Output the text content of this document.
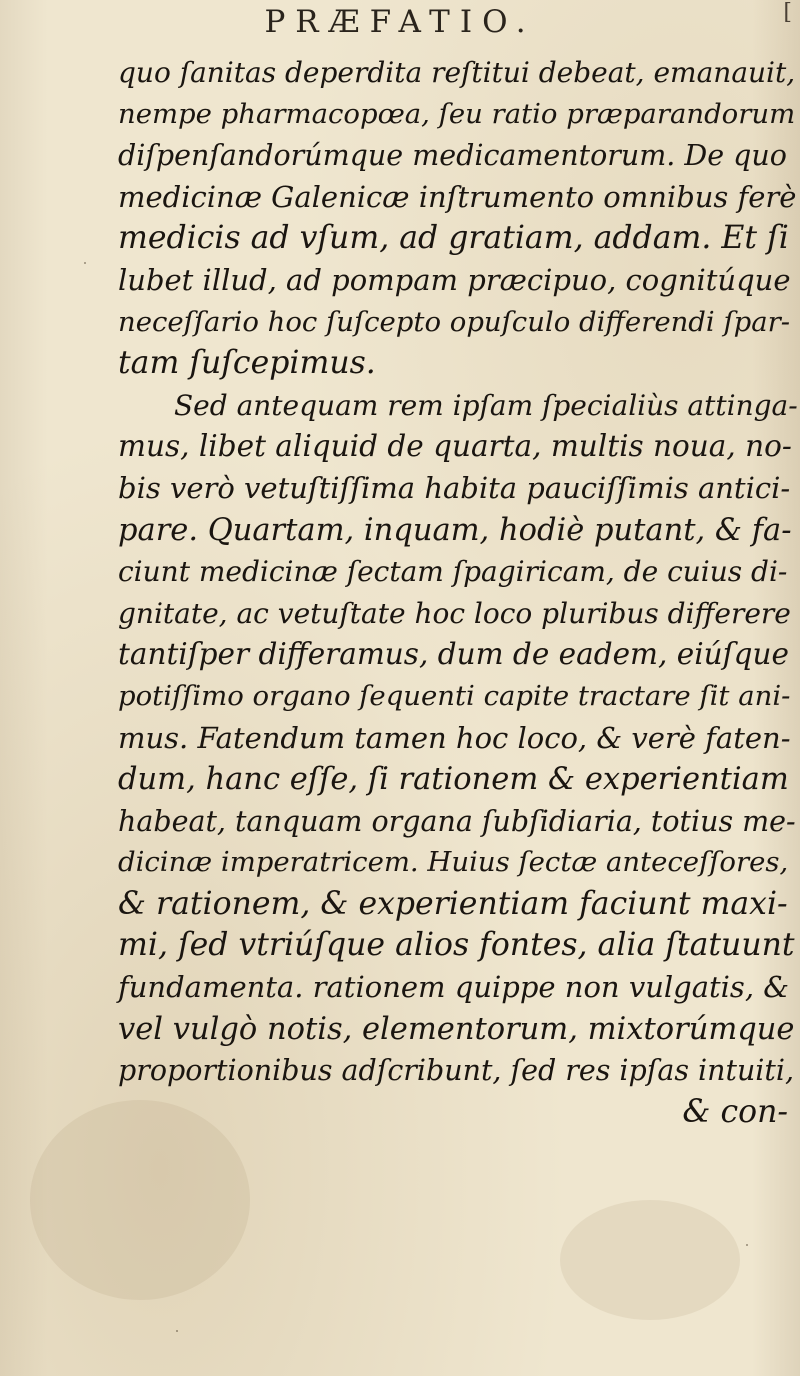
PRÆFATIO.	[
quo ſanitas deperdita reſtitui debeat, emanauit,
nempe pharmacopœa, ſeu ratio præparandorum
diſpenſandorúmque medicamentorum. De quo
medicinæ Galenicæ inſtrumento omnibus ferè
medicis ad vſum, ad gratiam, addam. Et ſi
lubet illud, ad pompam præcipuo, cognitúque
neceſſario hoc ſuſcepto opuſculo differendi ſpar-
tam ſuſcepimus.
Sed antequam rem ipſam ſpecialiùs attinga-
mus, libet aliquid de quarta, multis noua, no-
bis verò vetuſtiſſima habita pauciſſimis antici-
pare. Quartam, inquam, hodiè putant, & fa-
ciunt medicinæ ſectam ſpagiricam, de cuius di-
gnitate, ac vetuſtate hoc loco pluribus differere
tantiſper differamus, dum de eadem, eiúſque
potiſſimo organo ſequenti capite tractare ſit ani-
mus. Fatendum tamen hoc loco, & verè faten-
dum, hanc eſſe, ſi rationem & experientiam
habeat, tanquam organa ſubſidiaria, totius me-
dicinæ imperatricem. Huius ſectæ anteceſſores,
& rationem, & experientiam faciunt maxi-
mi, ſed vtriúſque alios fontes, alia ſtatuunt
fundamenta. rationem quippe non vulgatis, &
vel vulgò notis, elementorum, mixtorúmque
proportionibus adſcribunt, ſed res ipſas intuiti,
& con-
